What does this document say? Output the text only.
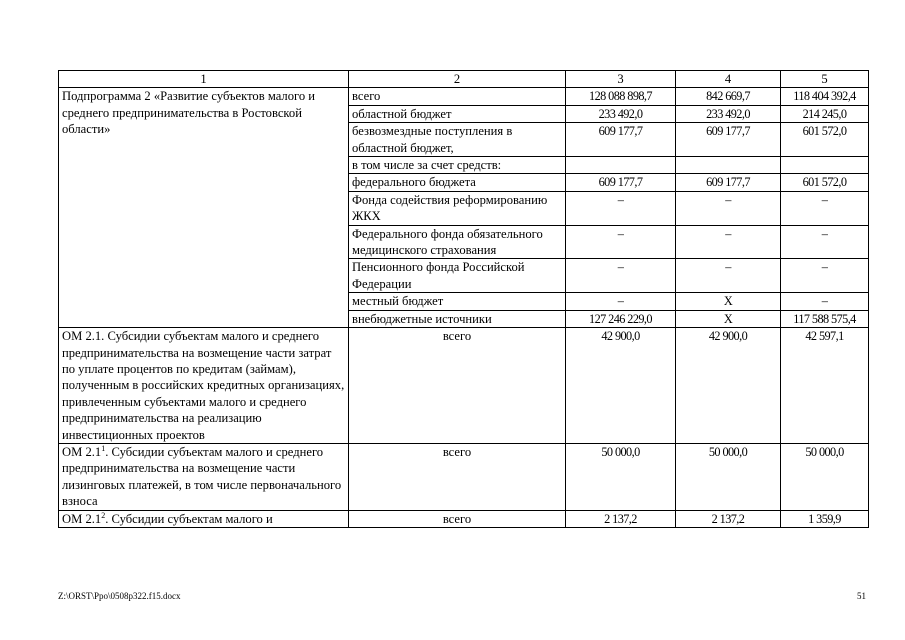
1	2	3	4	5
Подпрограмма 2 «Развитие субъектов малого и среднего предпринимательства в Ростовской области»	всего	128 088 898,7	842 669,7	118 404 392,4
	областной бюджет	233 492,0	233 492,0	214 245,0
	безвозмездные поступления в областной бюджет,	609 177,7	609 177,7	601 572,0
	в том числе за счет средств:			
	федерального бюджета	609 177,7	609 177,7	601 572,0
	Фонда содействия реформированию ЖКХ	–	–	–
	Федерального фонда обязательного медицинского страхования	–	–	–
	Пенсионного фонда Российской Федерации	–	–	–
	местный бюджет	–	Х	–
	внебюджетные источники	127 246 229,0	Х	117 588 575,4
ОМ 2.1. Субсидии субъектам малого и среднего предпринимательства на возмещение части затрат по уплате процентов по кредитам (займам), полученным в российских кредитных организациях, привлеченным субъектами малого и среднего предпринимательства на реализацию инвестиционных проектов	всего	42 900,0	42 900,0	42 597,1
ОМ $2.1^1$. Субсидии субъектам малого и среднего предпринимательства на возмещение части лизинговых платежей, в том числе первоначального взноса	всего	50 000,0	50 000,0	50 000,0
ОМ $2.1^2$. Субсидии субъектам малого и	всего	2 137,2	2 137,2	1 359,9
Z:\ORST\Ppo\0508p322.f15.docx	51
